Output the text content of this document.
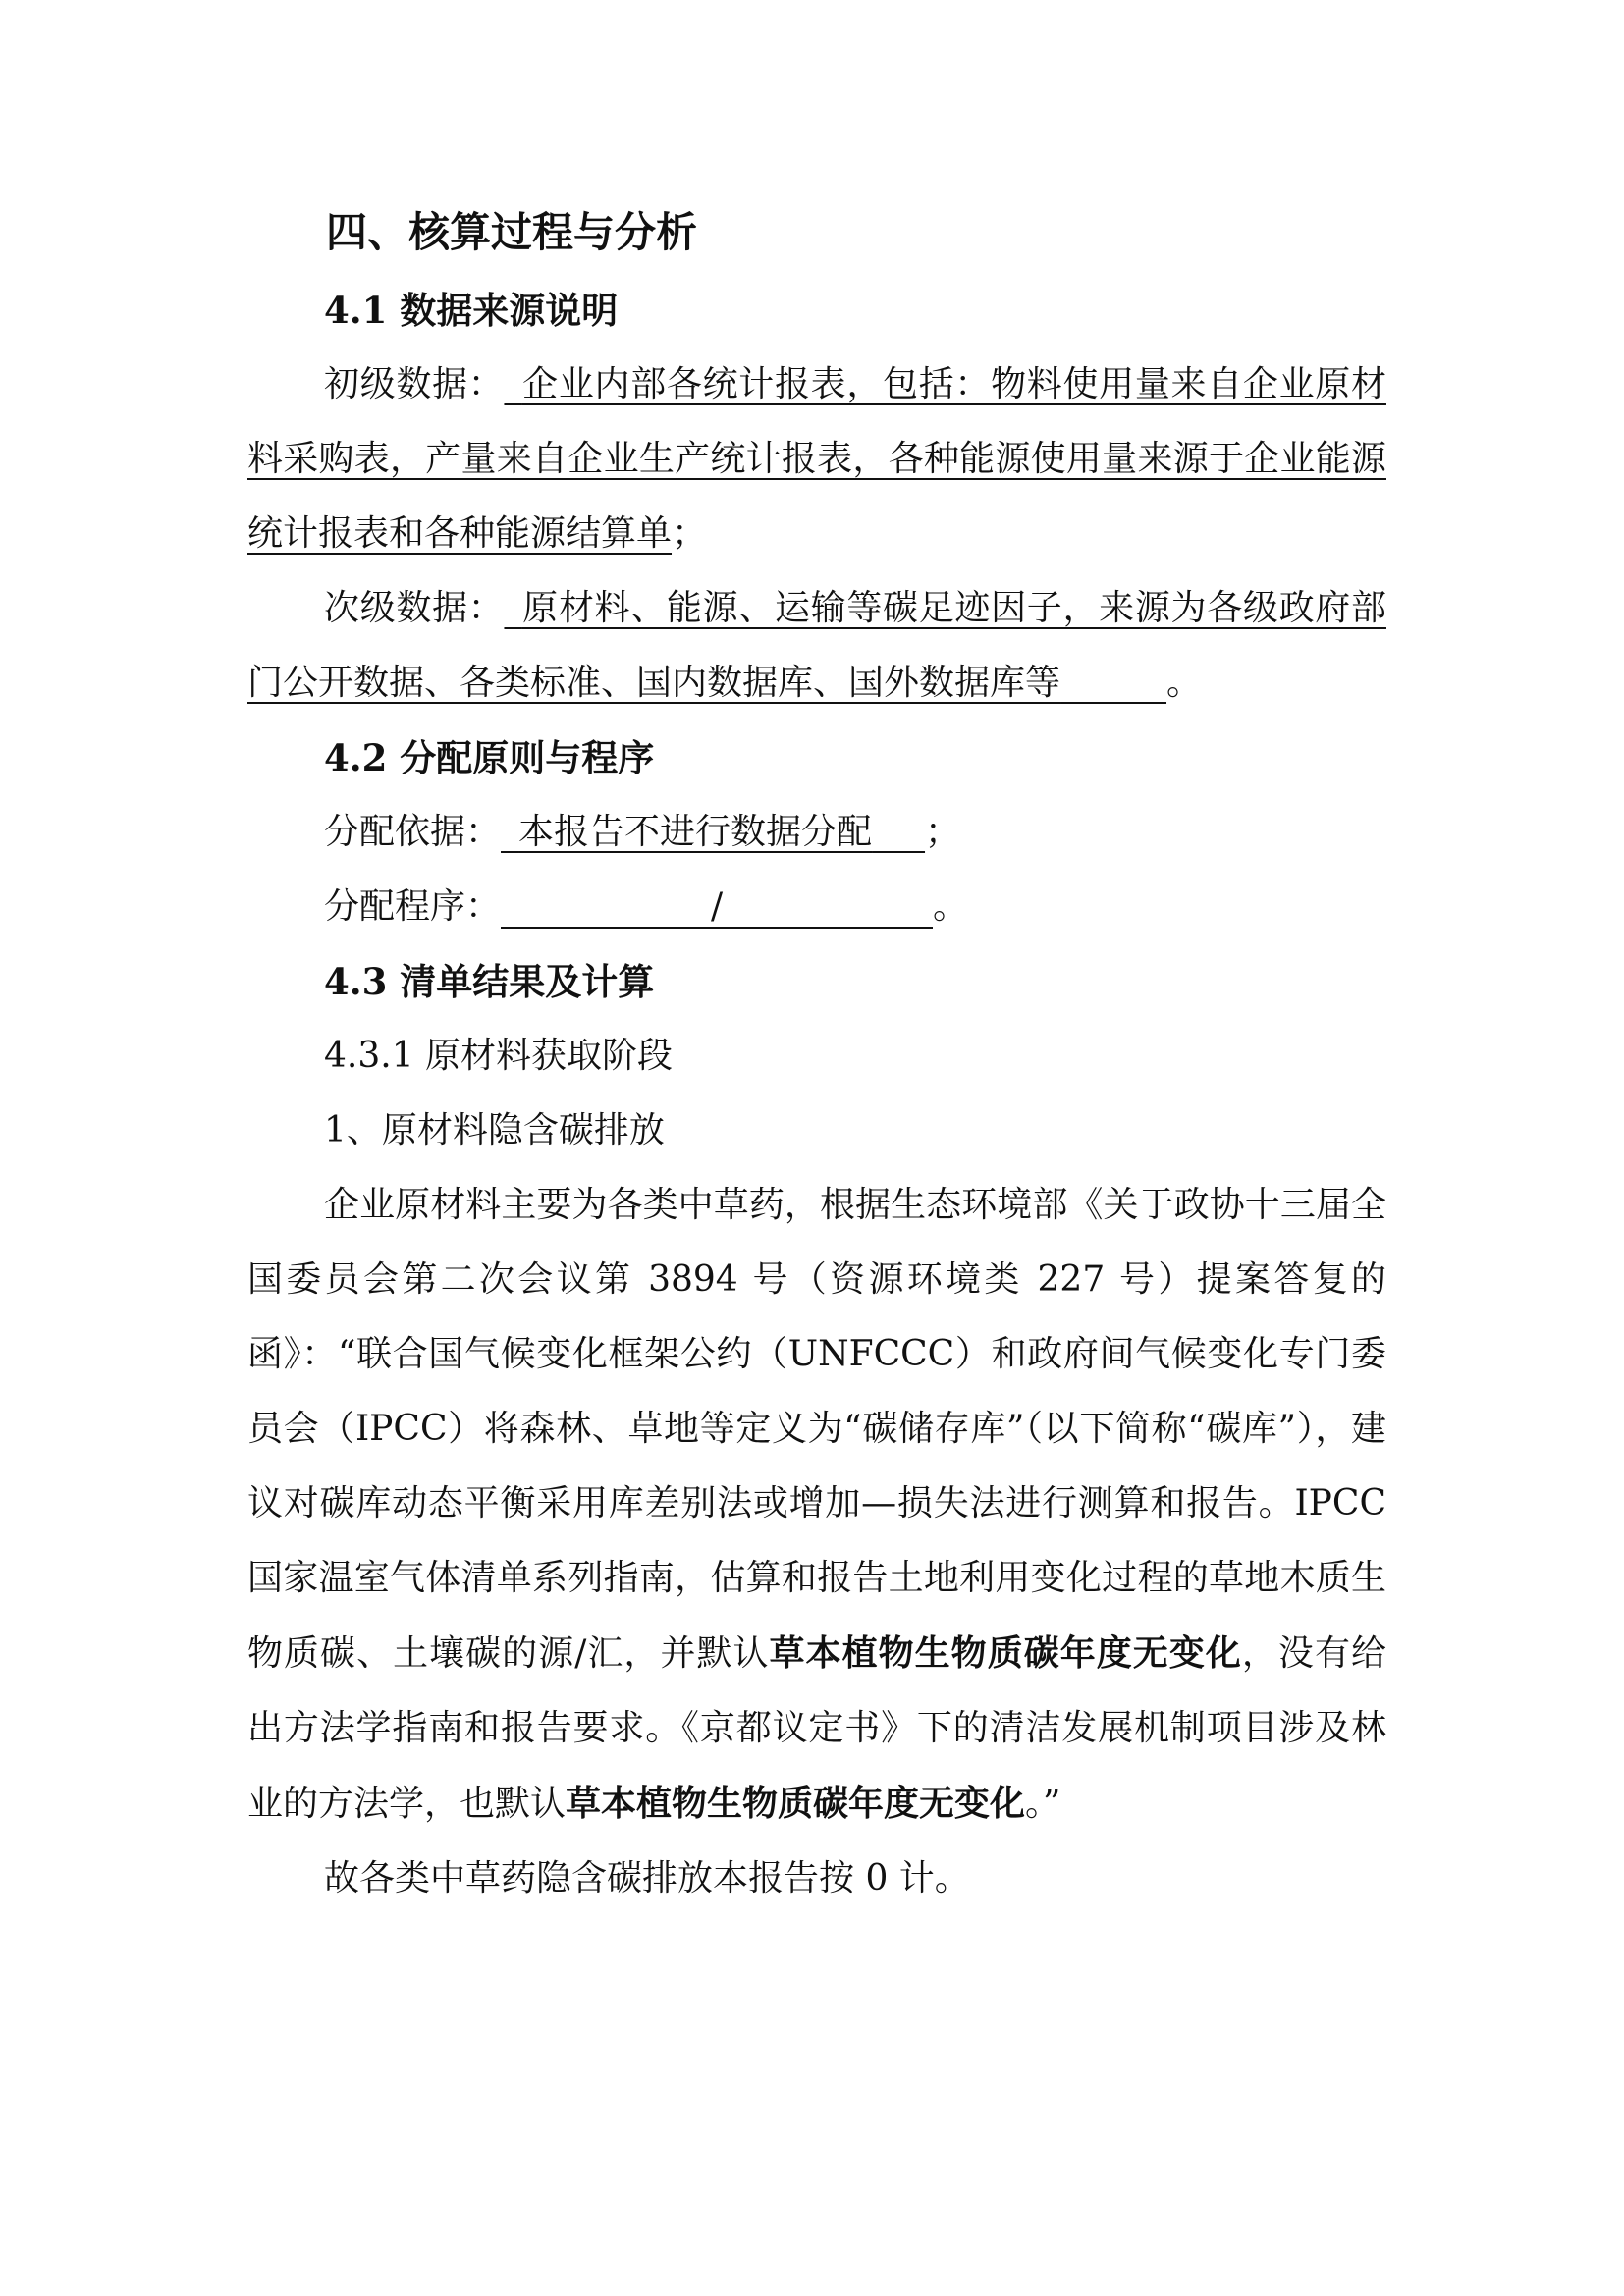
四、核算过程与分析

4.1 数据来源说明

初级数据：  企业内部各统计报表，包括：物料使用量来自企业原材料采购表，产量来自企业生产统计报表，各种能源使用量来源于企业能源统计报表和各种能源结算单；

次级数据：  原材料、能源、运输等碳足迹因子，来源为各级政府部门公开数据、各类标准、国内数据库、国外数据库等   	。

4.2 分配原则与程序

分配依据：  本报告不进行数据分配   ；

分配程序：	/	。

4.3 清单结果及计算

4.3.1 原材料获取阶段

1、原材料隐含碳排放

企业原材料主要为各类中草药，根据生态环境部《关于政协十三届全国委员会第二次会议第 3894 号（资源环境类 227 号）提案答复的函》：“联合国气候变化框架公约（UNFCCC）和政府间气候变化专门委员会（IPCC）将森林、草地等定义为“碳储存库”（以下简称“碳库”），建议对碳库动态平衡采用库差别法或增加—损失法进行测算和报告。IPCC 国家温室气体清单系列指南，估算和报告土地利用变化过程的草地木质生物质碳、土壤碳的源/汇，并默认草本植物生物质碳年度无变化，没有给出方法学指南和报告要求。《京都议定书》下的清洁发展机制项目涉及林业的方法学，也默认草本植物生物质碳年度无变化。”

故各类中草药隐含碳排放本报告按 0 计。
